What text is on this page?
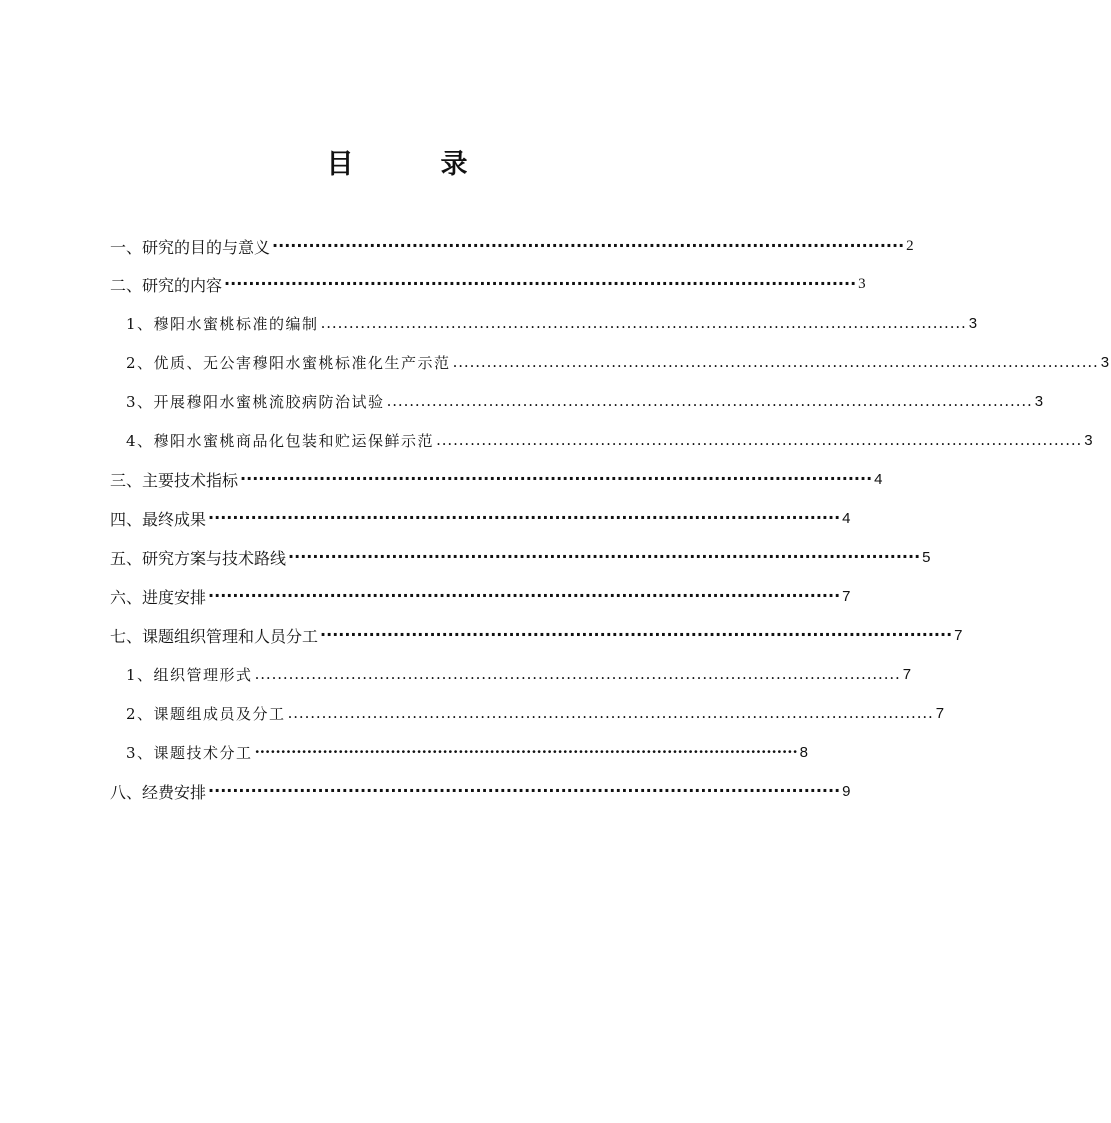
目　录
一、 研究的目的与意义 ········································································································ 2
二、 研究的内容 ········································································································ 3
1、 穆阳水蜜桃标准的编制 .................................................................................................................. 3
2、 优质、无公害穆阳水蜜桃标准化生产示范 .................................................................................................................. 3
3、 开展穆阳水蜜桃流胶病防治试验 .................................................................................................................. 3
4、 穆阳水蜜桃商品化包装和贮运保鲜示范 .................................................................................................................. 3
三、 主要技术指标 ········································································································ 4
四、 最终成果 ········································································································ 4
五、 研究方案与技术路线 ········································································································ 5
六、 进度安排 ········································································································ 7
七、 课题组织管理和人员分工 ········································································································ 7
1、 组织管理形式 .................................................................................................................. 7
2、 课题组成员及分工 .................................................................................................................. 7
3、 课题技术分工 ········································································································ 8
八、 经费安排 ········································································································ 9
